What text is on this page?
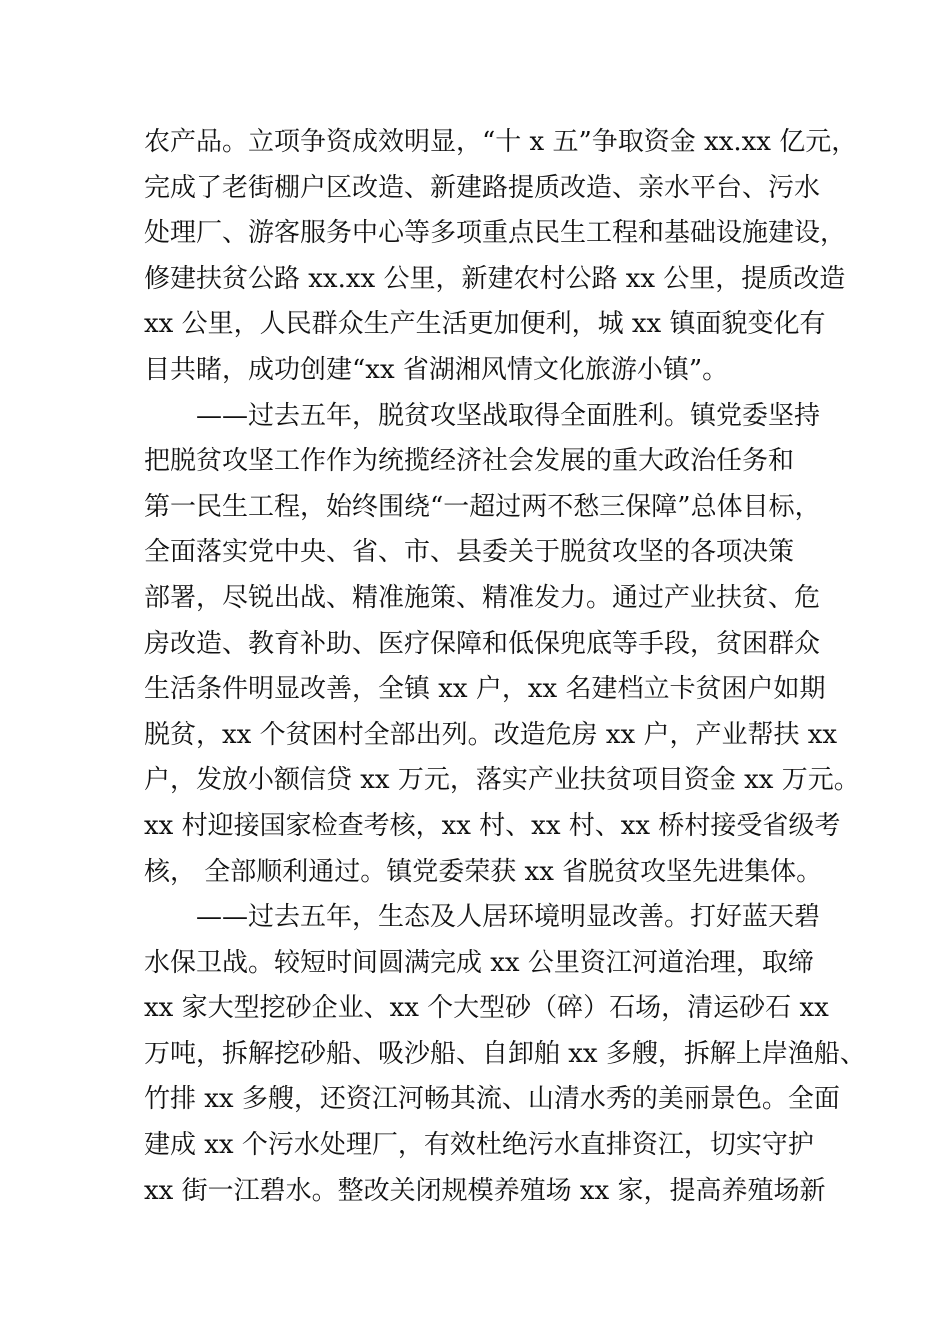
农产品。立项争资成效明显，“十 x 五”争取资金 xx.xx 亿元，
完成了老街棚户区改造、新建路提质改造、亲水平台、污水
处理厂、游客服务中心等多项重点民生工程和基础设施建设，
修建扶贫公路 xx.xx 公里，新建农村公路 xx 公里，提质改造
xx 公里，人民群众生产生活更加便利，城 xx 镇面貌变化有
目共睹，成功创建“xx 省湖湘风情文化旅游小镇”。
——过去五年，脱贫攻坚战取得全面胜利。镇党委坚持
把脱贫攻坚工作作为统揽经济社会发展的重大政治任务和
第一民生工程，始终围绕“一超过两不愁三保障”总体目标，
全面落实党中央、省、市、县委关于脱贫攻坚的各项决策
部署，尽锐出战、精准施策、精准发力。通过产业扶贫、危
房改造、教育补助、医疗保障和低保兜底等手段，贫困群众
生活条件明显改善，全镇 xx 户，xx 名建档立卡贫困户如期
脱贫，xx 个贫困村全部出列。改造危房 xx 户，产业帮扶 xx
户，发放小额信贷 xx 万元，落实产业扶贫项目资金 xx 万元。
xx 村迎接国家检查考核，xx 村、xx 村、xx 桥村接受省级考
核， 全部顺利通过。镇党委荣获 xx 省脱贫攻坚先进集体。
——过去五年，生态及人居环境明显改善。打好蓝天碧
水保卫战。较短时间圆满完成 xx 公里资江河道治理，取缔
xx 家大型挖砂企业、xx 个大型砂（碎）石场，清运砂石 xx
万吨，拆解挖砂船、吸沙船、自卸舶 xx 多艘，拆解上岸渔船、
竹排 xx 多艘，还资江河畅其流、山清水秀的美丽景色。全面
建成 xx 个污水处理厂，有效杜绝污水直排资江，切实守护
xx 街一江碧水。整改关闭规模养殖场 xx 家，提高养殖场新
